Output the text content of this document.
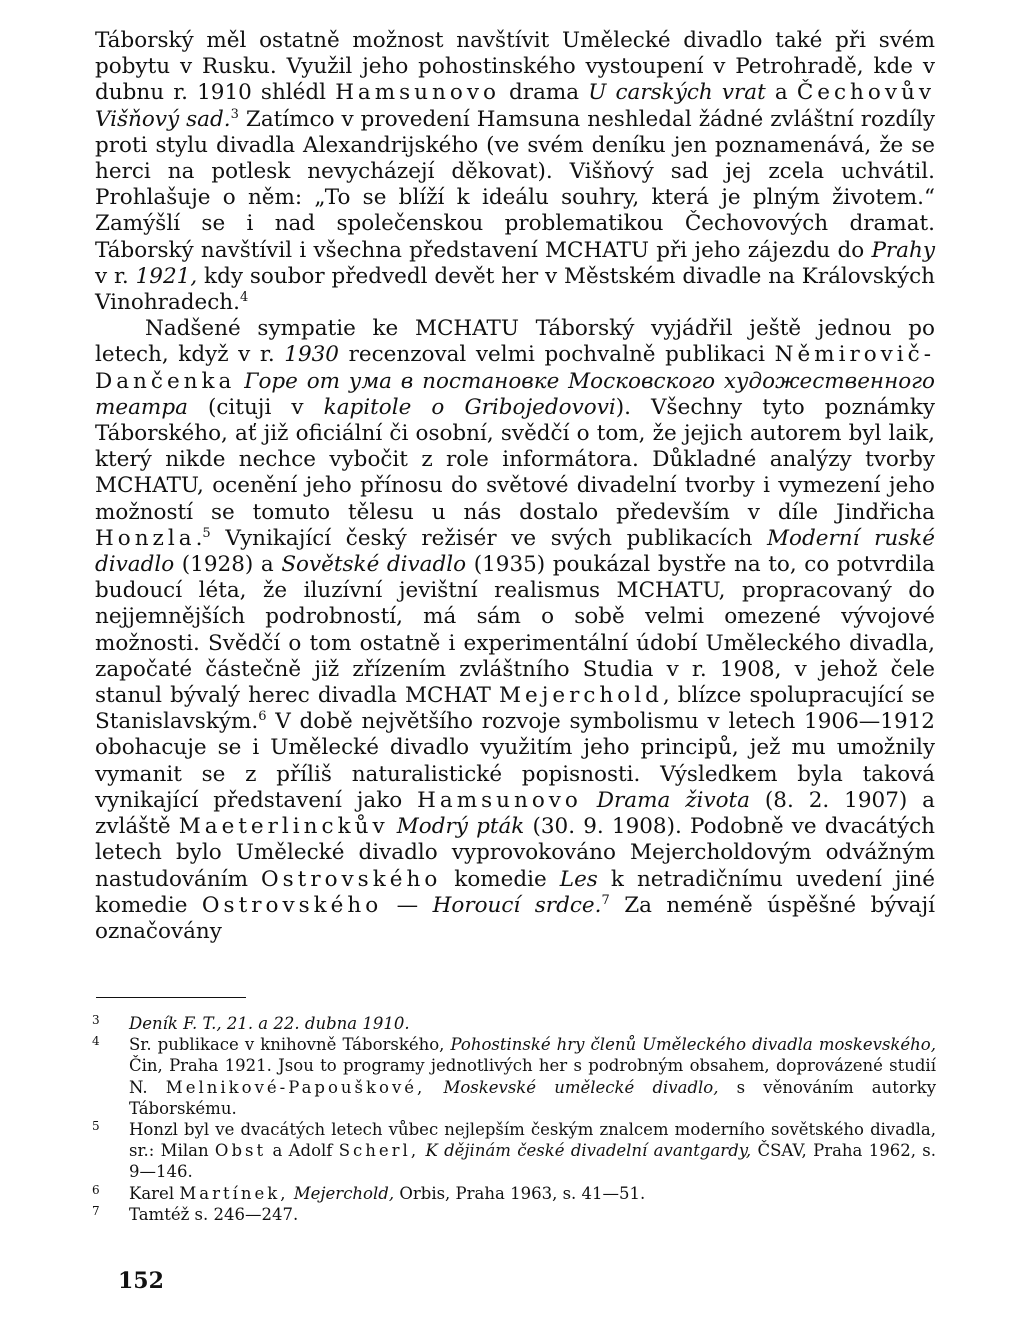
Táborský měl ostatně možnost navštívit Umělecké divadlo také při svém pobytu v Rusku. Využil jeho pohostinského vystoupení v Petrohradě, kde v dubnu r. 1910 shlédl Hamsunovo drama U carských vrat a Čechovův Višňový sad.$^3$ Zatímco v provedení Hamsuna neshledal žádné zvláštní rozdíly proti stylu divadla Alexandrijského (ve svém deníku jen poznamenává, že se herci na potlesk nevycházejí děkovat). Višňový sad jej zcela uchvátil. Prohlašuje o něm: „To se blíží k ideálu souhry, která je plným životem.“ Zamýšlí se i nad společenskou problematikou Čechovových dramat. Táborský navštívil i všechna představení MCHATU při jeho zájezdu do Prahy v r. 1921, kdy soubor předvedl devět her v Městském divadle na Královských Vinohradech.$^4$

Nadšené sympatie ke MCHATU Táborský vyjádřil ještě jednou po letech, když v r. 1930 recenzoval velmi pochvalně publikaci Němirovič-Dančenka Горе от ума в постановке Московского художественного театра (cituji v kapitole o Gribojedovovi). Všechny tyto poznámky Táborského, ať již oficiální či osobní, svědčí o tom, že jejich autorem byl laik, který nikde nechce vybočit z role informátora. Důkladné analýzy tvorby MCHATU, ocenění jeho přínosu do světové divadelní tvorby i vymezení jeho možností se tomuto tělesu u nás dostalo především v díle Jindřicha Honzla.$^5$ Vynikající český režisér ve svých publikacích Moderní ruské divadlo (1928) a Sovětské divadlo (1935) poukázal bystře na to, co potvrdila budoucí léta, že iluzívní jevištní realismus MCHATU, propracovaný do nejjemnějších podrobností, má sám o sobě velmi omezené vývojové možnosti. Svědčí o tom ostatně i experimentální údobí Uměleckého divadla, započaté částečně již zřízením zvláštního Studia v r. 1908, v jehož čele stanul bývalý herec divadla MCHAT Mejerchold, blízce spolupracující se Stanislavským.$^6$ V době největšího rozvoje symbolismu v letech 1906—1912 obohacuje se i Umělecké divadlo využitím jeho principů, jež mu umožnily vymanit se z příliš naturalistické popisnosti. Výsledkem byla taková vynikající představení jako Hamsunovo Drama života (8. 2. 1907) a zvláště Maeterlinckův Modrý pták (30. 9. 1908). Podobně ve dvacátých letech bylo Umělecké divadlo vyprovokováno Mejercholdovým odvážným nastudováním Ostrovského komedie Les k netradičnímu uvedení jiné komedie Ostrovského — Horoucí srdce.$^7$ Za neméně úspěšné bývají označovány

3 Deník F. T., 21. a 22. dubna 1910.

4 Sr. publikace v knihovně Táborského, Pohostinské hry členů Uměleckého divadla moskevského, Čin, Praha 1921. Jsou to programy jednotlivých her s podrobným obsahem, doprovázené studií N. Melnikové-Papouškové, Moskevské umělecké divadlo, s věnováním autorky Táborskému.

5 Honzl byl ve dvacátých letech vůbec nejlepším českým znalcem moderního sovětského divadla, sr.: Milan Obst a Adolf Scherl, K dějinám české divadelní avantgardy, ČSAV, Praha 1962, s. 9—146.

6 Karel Martínek, Mejerchold, Orbis, Praha 1963, s. 41—51.

7 Tamtéž s. 246—247.

152
